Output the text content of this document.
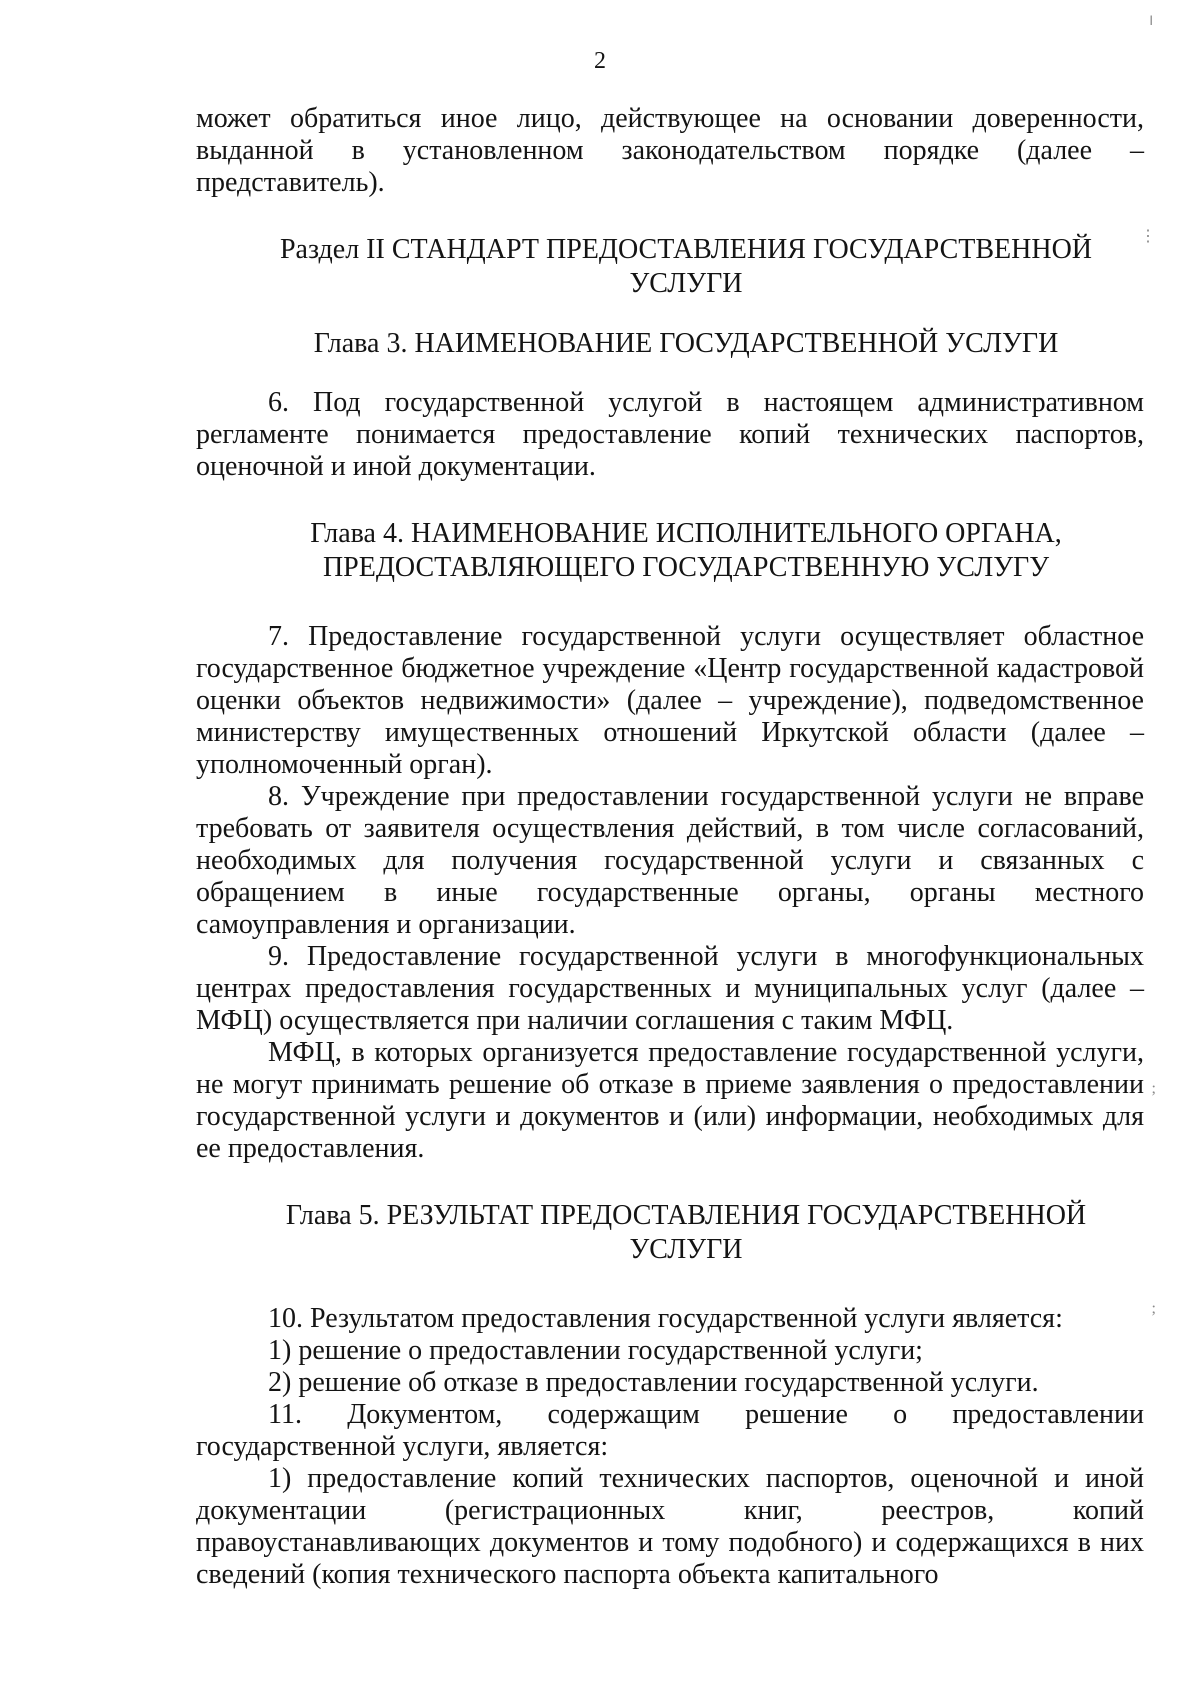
2

может обратиться иное лицо, действующее на основании доверенности, выданной в установленном законодательством порядке (далее – представитель).

Раздел II СТАНДАРТ ПРЕДОСТАВЛЕНИЯ ГОСУДАРСТВЕННОЙ УСЛУГИ

Глава 3. НАИМЕНОВАНИЕ ГОСУДАРСТВЕННОЙ УСЛУГИ

6. Под государственной услугой в настоящем административном регламенте понимается предоставление копий технических паспортов, оценочной и иной документации.

Глава 4. НАИМЕНОВАНИЕ ИСПОЛНИТЕЛЬНОГО ОРГАНА, ПРЕДОСТАВЛЯЮЩЕГО ГОСУДАРСТВЕННУЮ УСЛУГУ

7. Предоставление государственной услуги осуществляет областное государственное бюджетное учреждение «Центр государственной кадастровой оценки объектов недвижимости» (далее – учреждение), подведомственное министерству имущественных отношений Иркутской области (далее – уполномоченный орган).

8. Учреждение при предоставлении государственной услуги не вправе требовать от заявителя осуществления действий, в том числе согласований, необходимых для получения государственной услуги и связанных с обращением в иные государственные органы, органы местного самоуправления и организации.

9. Предоставление государственной услуги в многофункциональных центрах предоставления государственных и муниципальных услуг (далее – МФЦ) осуществляется при наличии соглашения с таким МФЦ.

МФЦ, в которых организуется предоставление государственной услуги, не могут принимать решение об отказе в приеме заявления о предоставлении государственной услуги и документов и (или) информации, необходимых для ее предоставления.

Глава 5. РЕЗУЛЬТАТ ПРЕДОСТАВЛЕНИЯ ГОСУДАРСТВЕННОЙ УСЛУГИ

10. Результатом предоставления государственной услуги является:

1) решение о предоставлении государственной услуги;

2) решение об отказе в предоставлении государственной услуги.

11. Документом, содержащим решение о предоставлении государственной услуги, является:

1) предоставление копий технических паспортов, оценочной и иной документации (регистрационных книг, реестров, копий правоустанавливающих документов и тому подобного) и содержащихся в них сведений (копия технического паспорта объекта капитального

╷
⋮
;
;
